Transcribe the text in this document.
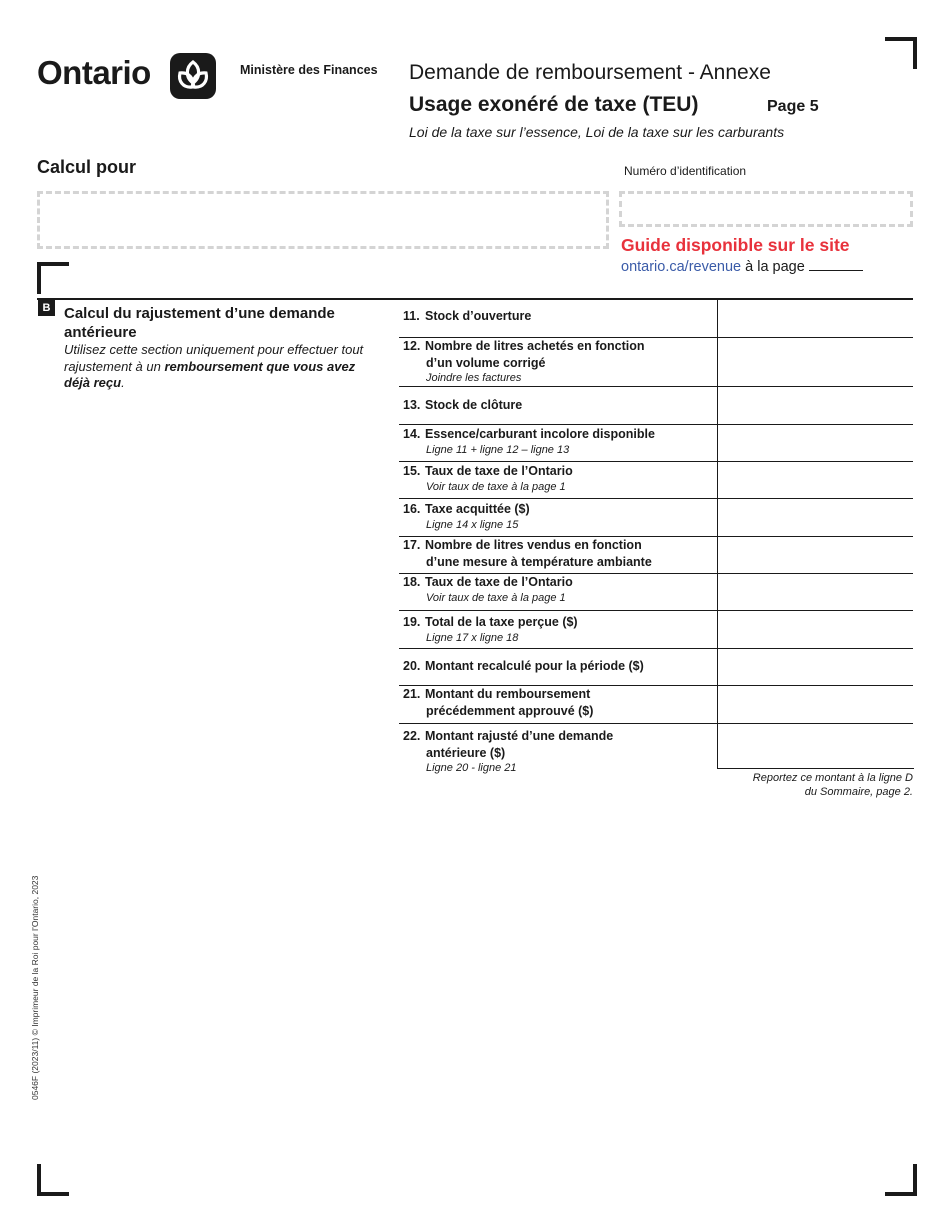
Ontario	Ministère des Finances Demande de remboursement - Annexe
Usage exonéré de taxe (TEU)	Page 5
Loi de la taxe sur l’essence, Loi de la taxe sur les carburants
Calcul pour	Numéro d’identification
Guide disponible sur le site
ontario.ca/revenue à la page
B Calcul du rajustement d’une demande antérieure
Utilisez cette section uniquement pour effectuer tout rajustement à un remboursement que vous avez déjà reçu.
11. Stock d’ouverture
12. Nombre de litres achetés en fonction
d’un volume corrigé
Joindre les factures
13. Stock de clôture
14. Essence/carburant incolore disponible
Ligne 11 + ligne 12 – ligne 13
15. Taux de taxe de l’Ontario
Voir taux de taxe à la page 1
16. Taxe acquittée ($)
Ligne 14 x ligne 15
17. Nombre de litres vendus en fonction
d’une mesure à température ambiante
18. Taux de taxe de l’Ontario
Voir taux de taxe à la page 1
19. Total de la taxe perçue ($)
Ligne 17 x ligne 18
20. Montant recalculé pour la période ($)
21. Montant du remboursement
précédemment approuvé ($)
22. Montant rajusté d’une demande
antérieure ($)
Ligne 20 - ligne 21
Reportez ce montant à la ligne D
du Sommaire, page 2.
0546F (2023/11) © Imprimeur de la Roi pour l’Ontario, 2023
